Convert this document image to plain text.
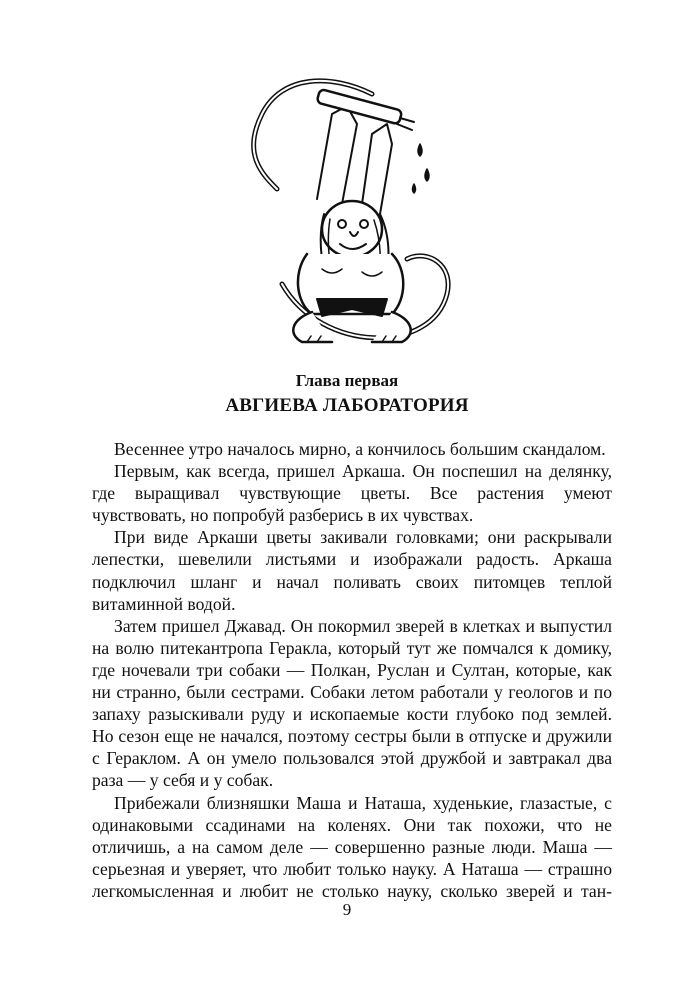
Глава первая
АВГИЕВА ЛАБОРАТОРИЯ

Весеннее утро началось мирно, а кончилось большим скандалом.

Первым, как всегда, пришел Аркаша. Он поспешил на делянку, где выращивал чувствующие цветы. Все растения умеют чувствовать, но попробуй разберись в их чувствах.

При виде Аркаши цветы закивали головками; они раскрывали лепестки, шевелили листьями и изображали радость. Аркаша подключил шланг и начал поливать своих питомцев теплой витаминной водой.

Затем пришел Джавад. Он покормил зверей в клетках и выпустил на волю питекантропа Геракла, который тут же помчался к домику, где ночевали три собаки — Полкан, Руслан и Султан, которые, как ни странно, были сестрами. Собаки летом работали у геологов и по запаху разыскивали руду и ископаемые кости глубоко под землей. Но сезон еще не начался, поэтому сестры были в отпуске и дружили с Гераклом. А он умело пользовался этой дружбой и завтракал два раза — у себя и у собак.

Прибежали близняшки Маша и Наташа, худенькие, глазастые, с одинаковыми ссадинами на коленях. Они так похожи, что не отличишь, а на самом деле — совершенно разные люди. Маша — серьезная и уверяет, что любит только науку. А Наташа — страшно легкомысленная и любит не столько науку, сколько зверей и тан-

9
